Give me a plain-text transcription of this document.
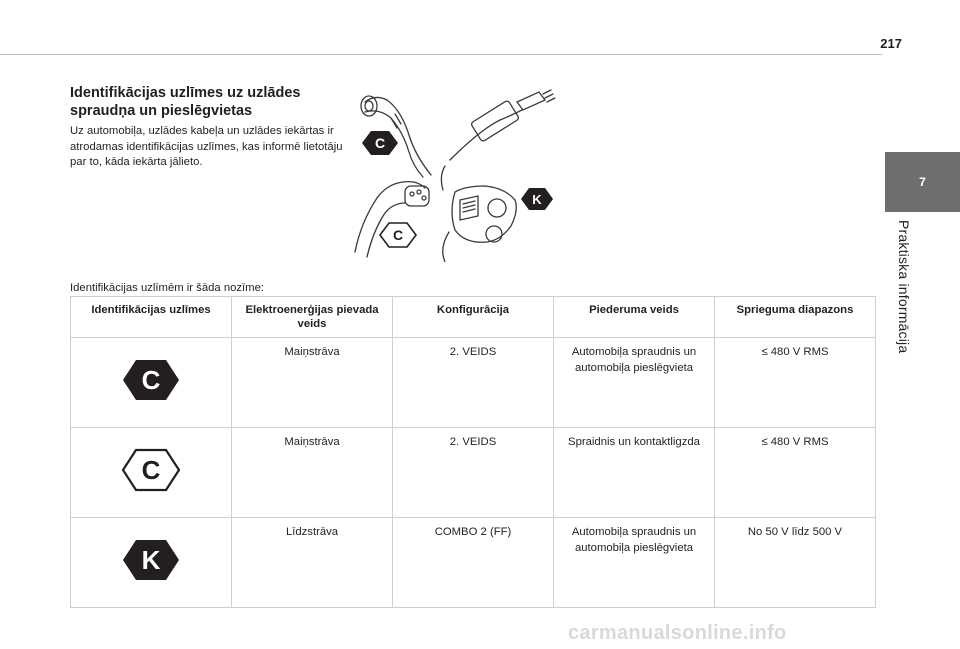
217
7
Praktiska informācija
Identifikācijas uzlīmes uz uzlādes spraudņa un pieslēgvietas
Uz automobiļa, uzlādes kabeļa un uzlādes iekārtas ir atrodamas identifikācijas uzlīmes, kas informē lietotāju par to, kāda iekārta jālieto.
C
K
C
Identifikācijas uzlīmēm ir šāda nozīme:
Identifikācijas uzlīmes	Elektroenerģijas pievada veids	Konfigurācija	Piederuma veids	Sprieguma diapazons

C	Maiņstrāva	2. VEIDS	Automobiļa spraudnis un automobiļa pieslēgvieta	≤ 480 V RMS

C	Maiņstrāva	2. VEIDS	Spraidnis un kontaktligzda	≤ 480 V RMS

K	Līdzstrāva	COMBO 2 (FF)	Automobiļa spraudnis un automobiļa pieslēgvieta	No 50 V līdz 500 V
carmanualsonline.info
